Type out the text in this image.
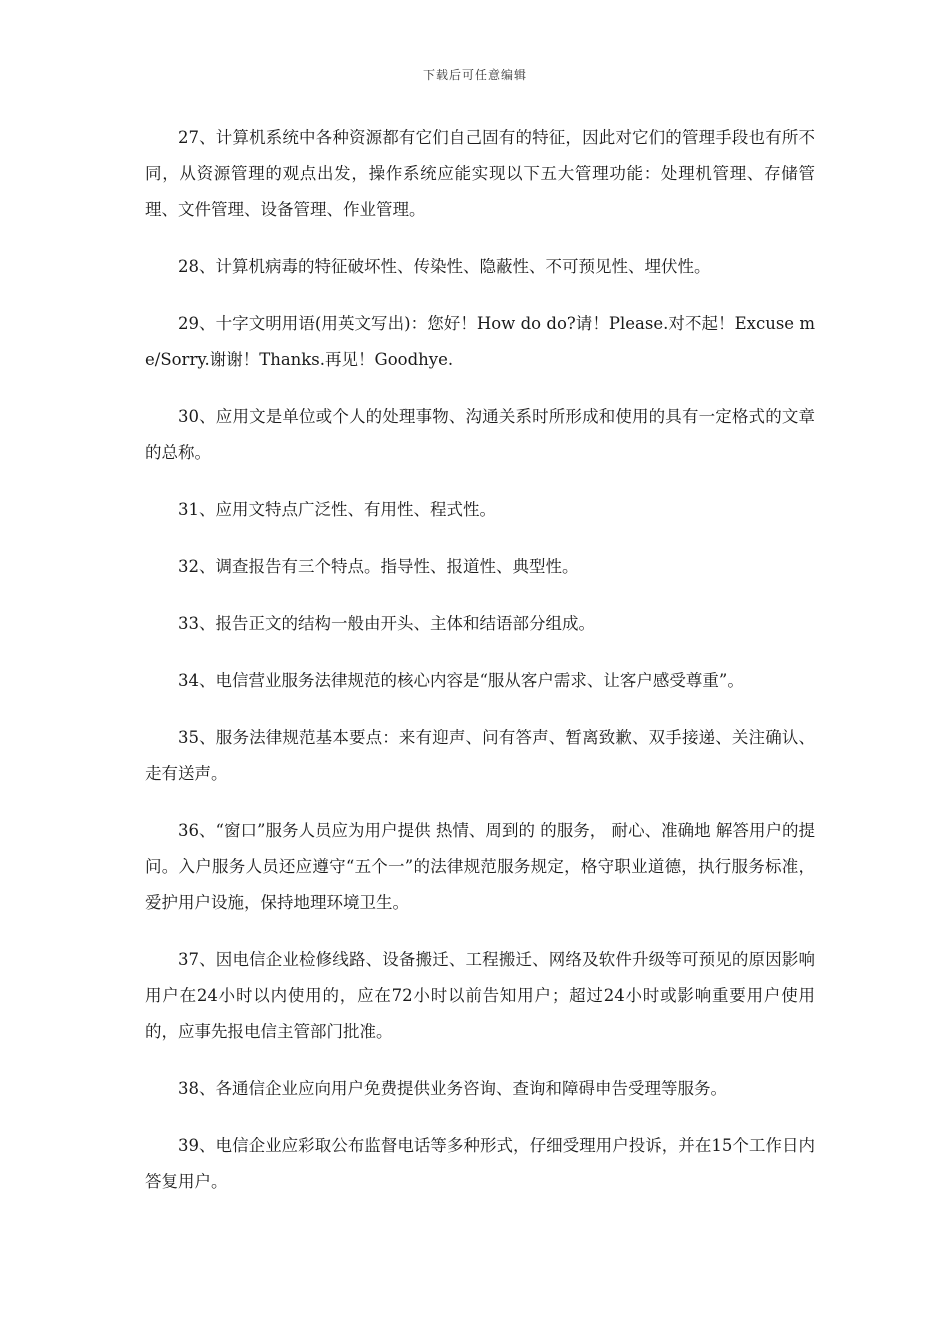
下载后可任意编辑

27、计算机系统中各种资源都有它们自己固有的特征，因此对它们的管理手段也有所不同，从资源管理的观点出发，操作系统应能实现以下五大管理功能：处理机管理、存储管理、文件管理、设备管理、作业管理。

28、计算机病毒的特征破坏性、传染性、隐蔽性、不可预见性、埋伏性。

29、十字文明用语(用英文写出)：您好！How do do?请！Please.对不起！Excuse me/Sorry.谢谢！Thanks.再见！Goodhye.

30、应用文是单位或个人的处理事物、沟通关系时所形成和使用的具有一定格式的文章的总称。

31、应用文特点广泛性、有用性、程式性。

32、调查报告有三个特点。指导性、报道性、典型性。

33、报告正文的结构一般由开头、主体和结语部分组成。

34、电信营业服务法律规范的核心内容是“服从客户需求、让客户感受尊重”。

35、服务法律规范基本要点：来有迎声、问有答声、暂离致歉、双手接递、关注确认、走有送声。

36、“窗口”服务人员应为用户提供 热情、周到的 的服务， 耐心、准确地 解答用户的提问。入户服务人员还应遵守“五个一”的法律规范服务规定，格守职业道德，执行服务标准，爱护用户设施，保持地理环境卫生。

37、因电信企业检修线路、设备搬迁、工程搬迁、网络及软件升级等可预见的原因影响用户在24小时以内使用的，应在72小时以前告知用户；超过24小时或影响重要用户使用的，应事先报电信主管部门批准。

38、各通信企业应向用户免费提供业务咨询、查询和障碍申告受理等服务。

39、电信企业应彩取公布监督电话等多种形式，仔细受理用户投诉，并在15个工作日内答复用户。
